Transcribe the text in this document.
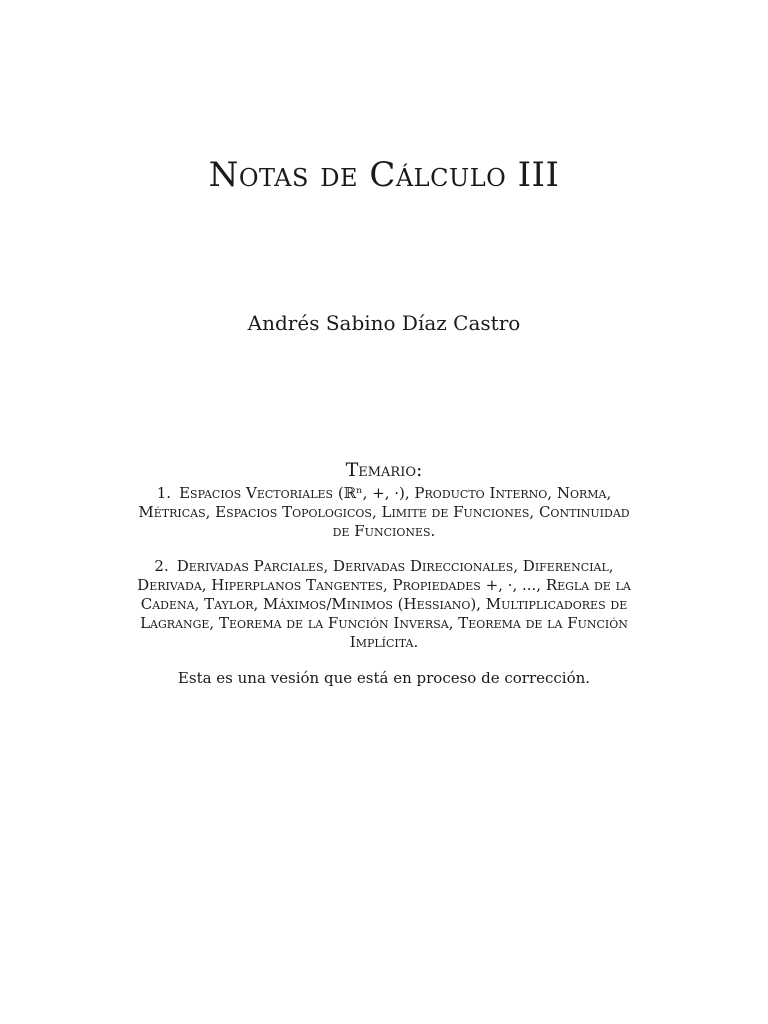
Notas de Cálculo III

Andrés Sabino Díaz Castro

Temario:

1. Espacios Vectoriales (ℝⁿ, +, ·), Producto Interno, Norma, Métricas, Espacios Topologicos, Limite de Funciones, Continuidad de Funciones.

2. Derivadas Parciales, Derivadas Direccionales, Diferencial, Derivada, Hiperplanos Tangentes, Propiedades +, ·, ..., Regla de la Cadena, Taylor, Máximos/Minimos (Hessiano), Multiplicadores de Lagrange, Teorema de la Función Inversa, Teorema de la Función Implícita.

Esta es una vesión que está en proceso de corrección.
